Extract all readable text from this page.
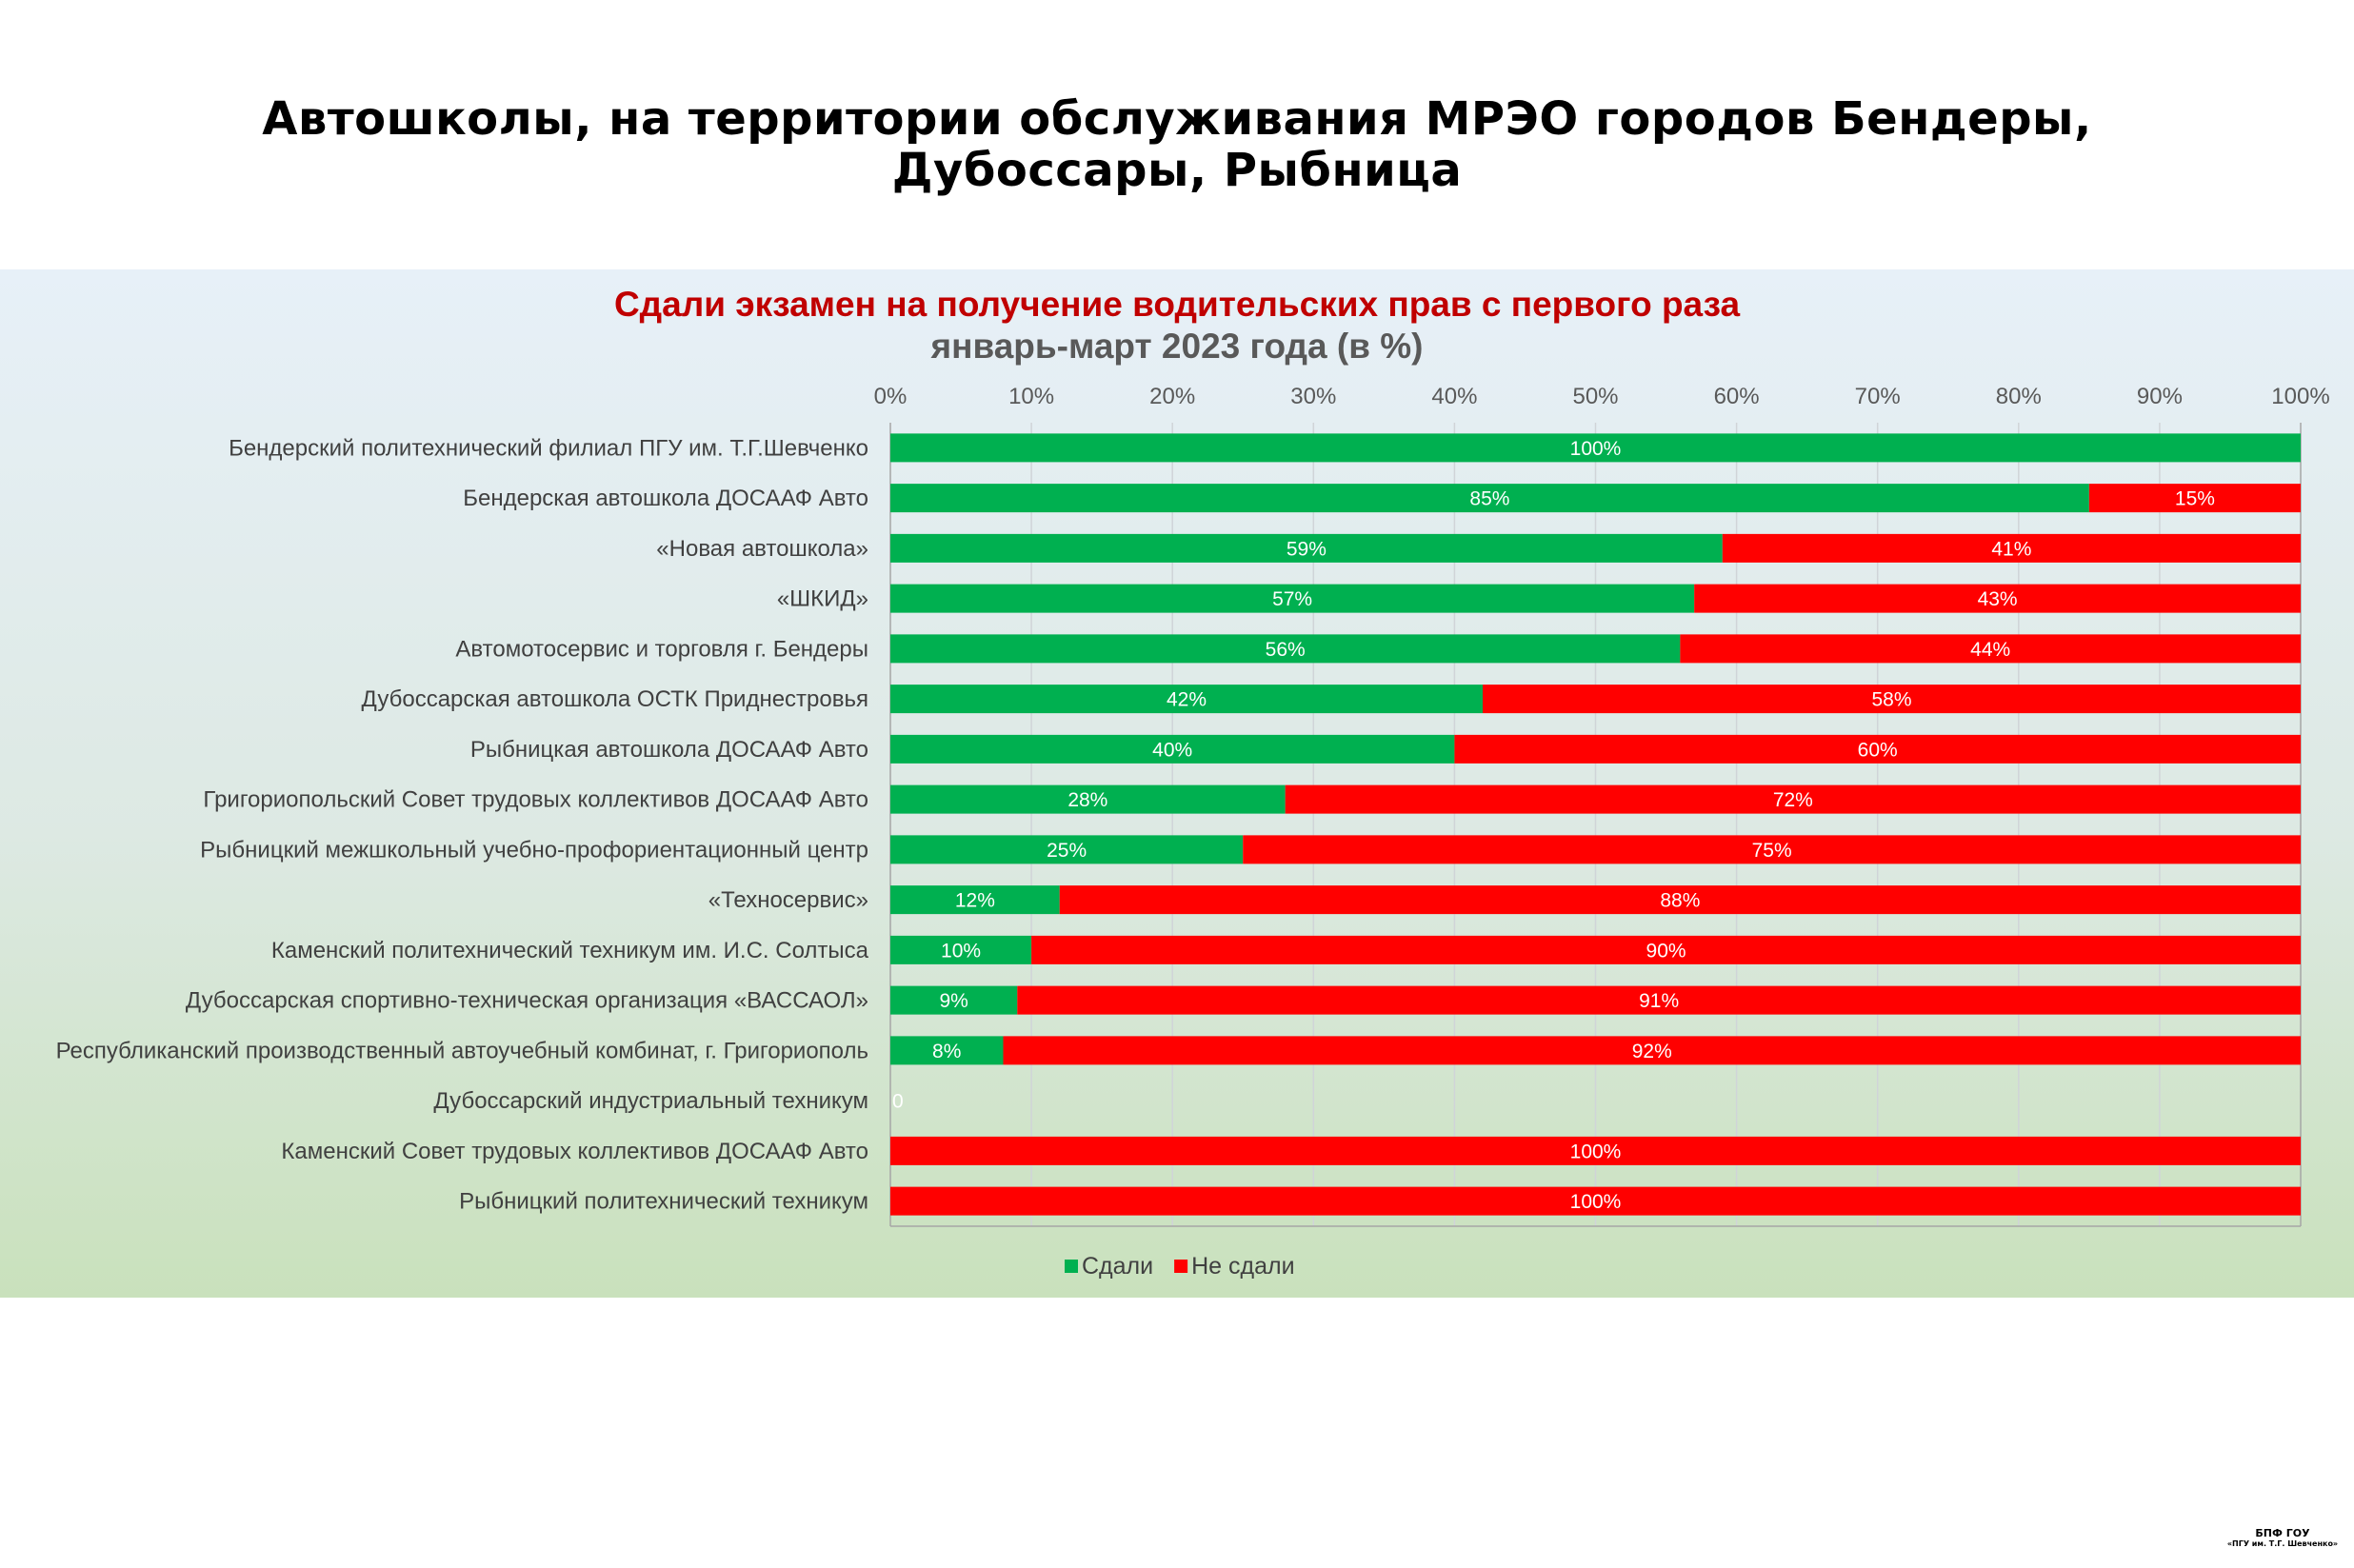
Автошколы, на территории обслуживания МРЭО городов Бендеры,
Дубоссары, Рыбница
Сдали экзамен на получение водительских прав с первого раза
январь-март 2023 года (в %)
0%	10%	20%	30%	40%	50%	60%	70%	80%	90%	100%
Бендерский политехнический филиал ПГУ им. Т.Г.Шевченко
Бендерская автошкола ДОСААФ Авто
«Новая автошкола»
«ШКИД»
Автомотосервис и торговля г. Бендеры
Дубоссарская автошкола ОСТК Приднестровья
Рыбницкая автошкола ДОСААФ Авто
Григориопольский Совет трудовых коллективов ДОСААФ Авто
Рыбницкий межшкольный учебно-профориентационный центр
«Техносервис»
Каменский политехнический техникум им. И.С. Солтыса
Дубоссарская спортивно-техническая организация «ВАССАОЛ»
Республиканский производственный автоучебный комбинат, г. Григориополь
Дубоссарский индустриальный техникум
Каменский Совет трудовых коллективов ДОСААФ Авто
Рыбницкий политехнический техникум
100%
85%	15%
59%	41%
57%	43%
56%	44%
42%	58%
40%	60%
28%	72%
25%	75%
12%	88%
10%	90%
9%	91%
8%	92%
0
100%
100%
Сдали Не сдали
БПФ ГОУ
«ПГУ им. Т.Г. Шевченко»
